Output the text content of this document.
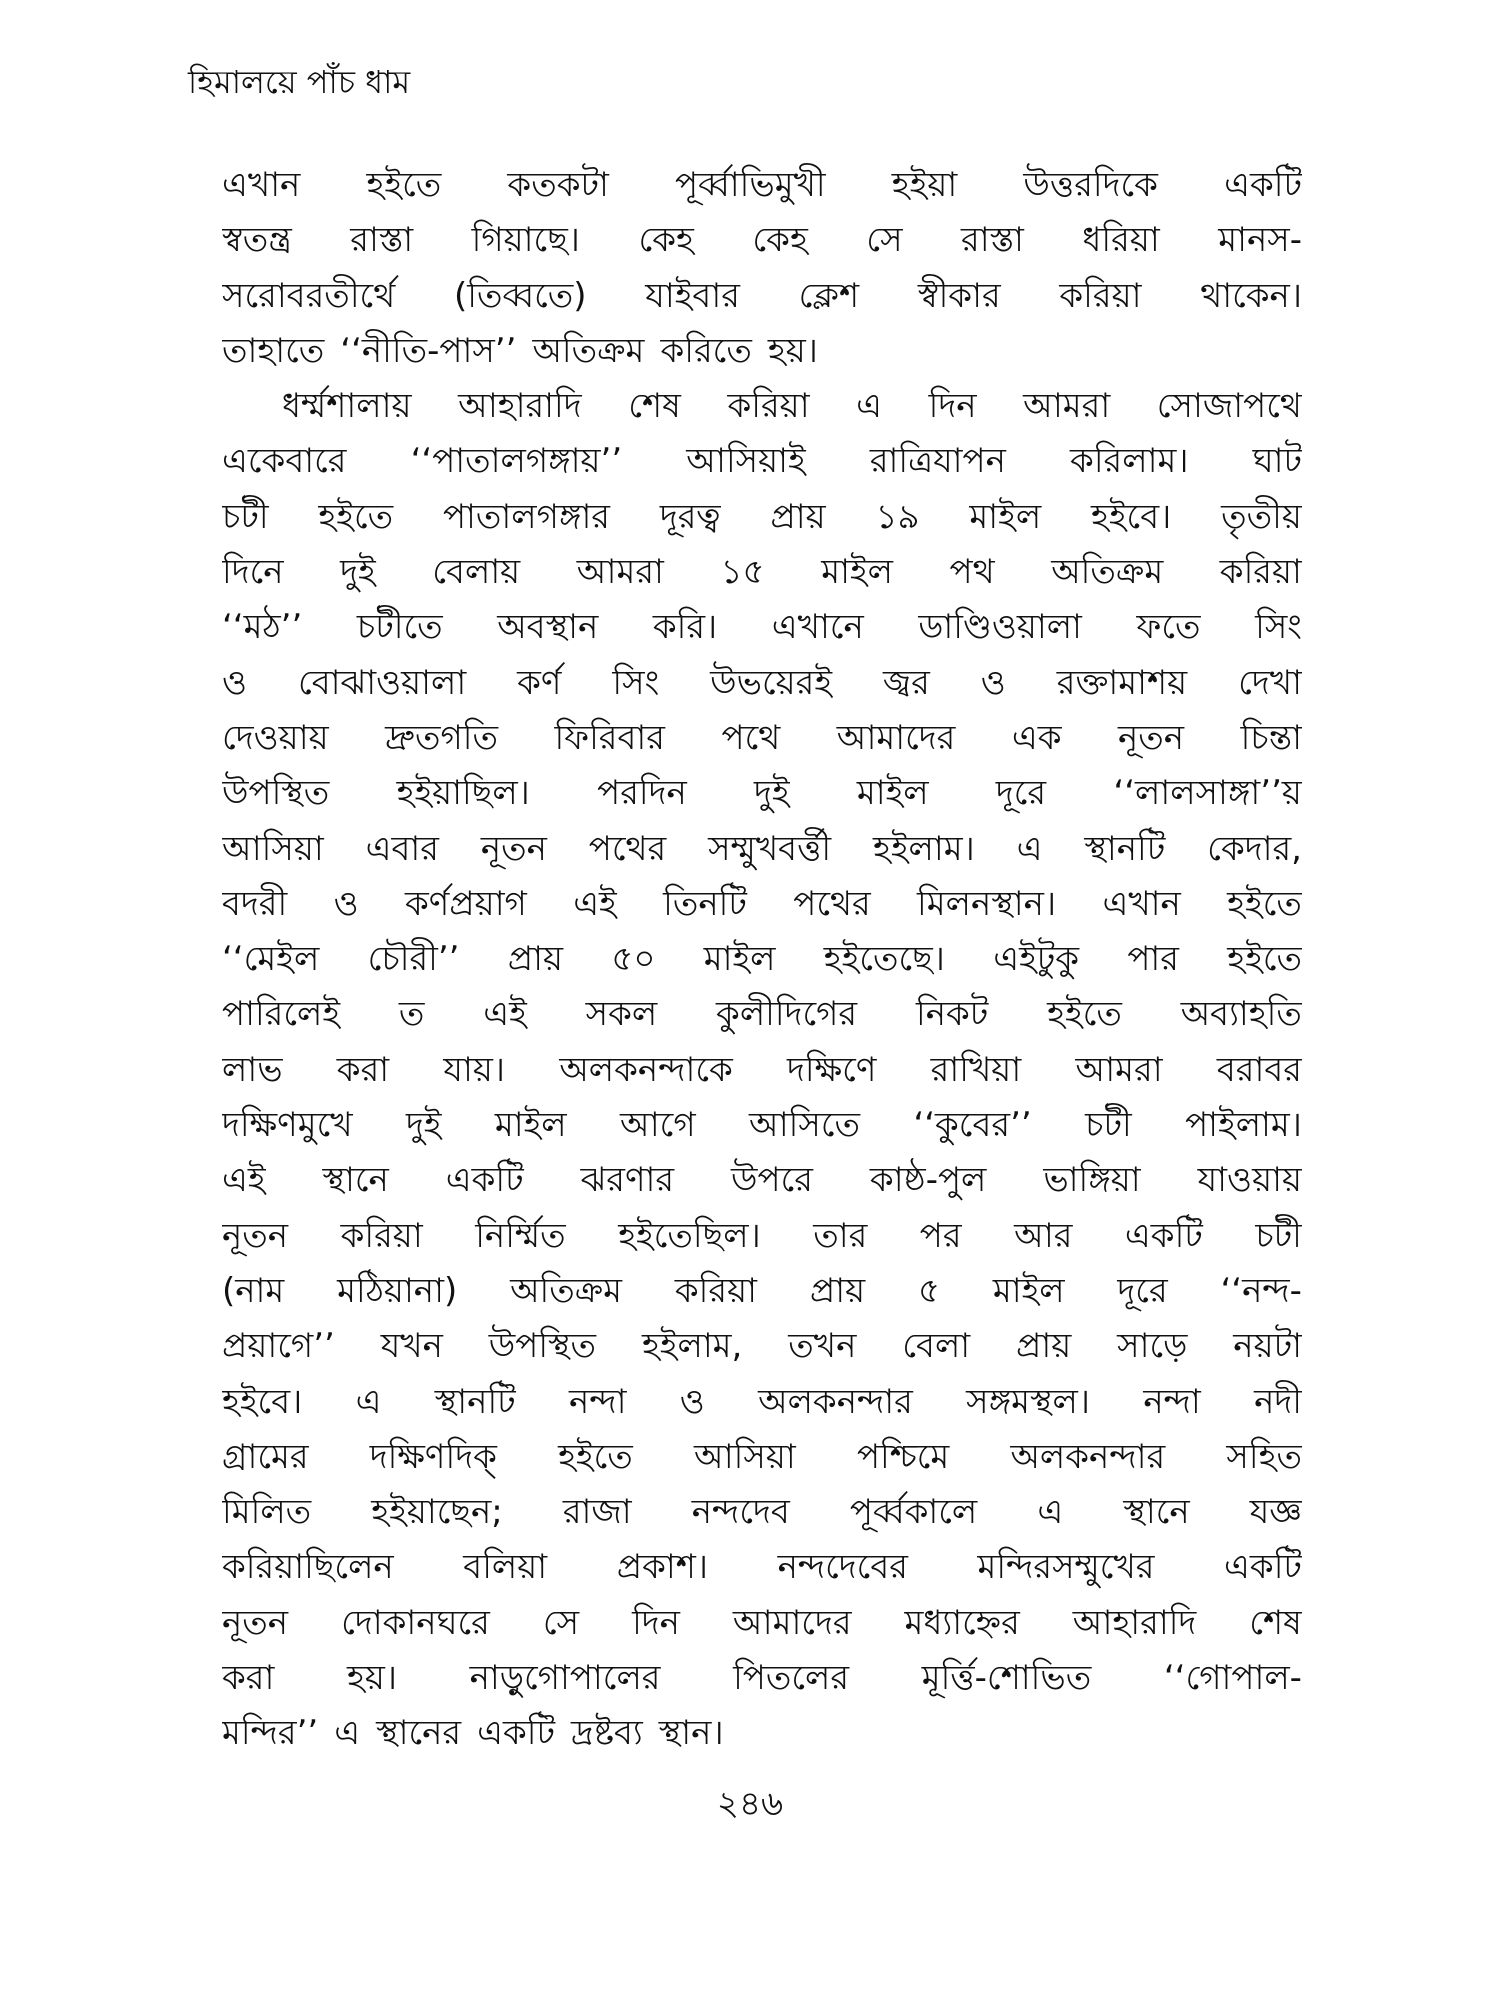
হিমালয়ে পাঁচ ধাম
এখান হইতে কতকটা পূর্ব্বাভিমুখী হইয়া উত্তরদিকে একটি
স্বতন্ত্র রাস্তা গিয়াছে। কেহ কেহ সে রাস্তা ধরিয়া মানস-
সরোবরতীর্থে (তিব্বতে) যাইবার ক্লেশ স্বীকার করিয়া থাকেন।
তাহাতে ‘‘নীতি-পাস’’ অতিক্রম করিতে হয়।
ধর্ম্মশালায় আহারাদি শেষ করিয়া এ দিন আমরা সোজাপথে
একেবারে ‘‘পাতালগঙ্গায়’’ আসিয়াই রাত্রিযাপন করিলাম। ঘাট
চটী হইতে পাতালগঙ্গার দূরত্ব প্রায় ১৯ মাইল হইবে। তৃতীয়
দিনে দুই বেলায় আমরা ১৫ মাইল পথ অতিক্রম করিয়া
‘‘মঠ’’ চটীতে অবস্থান করি। এখানে ডাণ্ডিওয়ালা ফতে সিং
ও বোঝাওয়ালা কর্ণ সিং উভয়েরই জ্বর ও রক্তামাশয় দেখা
দেওয়ায় দ্রুতগতি ফিরিবার পথে আমাদের এক নূতন চিন্তা
উপস্থিত হইয়াছিল। পরদিন দুই মাইল দূরে ‘‘লালসাঙ্গা’’য়
আসিয়া এবার নূতন পথের সম্মুখবর্ত্তী হইলাম। এ স্থানটি কেদার,
বদরী ও কর্ণপ্রয়াগ এই তিনটি পথের মিলনস্থান। এখান হইতে
‘‘মেইল চৌরী’’ প্রায় ৫০ মাইল হইতেছে। এইটুকু পার হইতে
পারিলেই ত এই সকল কুলীদিগের নিকট হইতে অব্যাহতি
লাভ করা যায়। অলকনন্দাকে দক্ষিণে রাখিয়া আমরা বরাবর
দক্ষিণমুখে দুই মাইল আগে আসিতে ‘‘কুবের’’ চটী পাইলাম।
এই স্থানে একটি ঝরণার উপরে কাষ্ঠ-পুল ভাঙ্গিয়া যাওয়ায়
নূতন করিয়া নির্ম্মিত হইতেছিল। তার পর আর একটি চটী
(নাম মঠিয়ানা) অতিক্রম করিয়া প্রায় ৫ মাইল দূরে ‘‘নন্দ-
প্রয়াগে’’ যখন উপস্থিত হইলাম, তখন বেলা প্রায় সাড়ে নয়টা
হইবে। এ স্থানটি নন্দা ও অলকনন্দার সঙ্গমস্থল। নন্দা নদী
গ্রামের দক্ষিণদিক্ হইতে আসিয়া পশ্চিমে অলকনন্দার সহিত
মিলিত হইয়াছেন; রাজা নন্দদেব পূর্ব্বকালে এ স্থানে যজ্ঞ
করিয়াছিলেন বলিয়া প্রকাশ। নন্দদেবের মন্দিরসম্মুখের একটি
নূতন দোকানঘরে সে দিন আমাদের মধ্যাহ্নের আহারাদি শেষ
করা হয়। নাড়ুগোপালের পিতলের মূর্ত্তি-শোভিত ‘‘গোপাল-
মন্দির’’ এ স্থানের একটি দ্রষ্টব্য স্থান।
২৪৬
